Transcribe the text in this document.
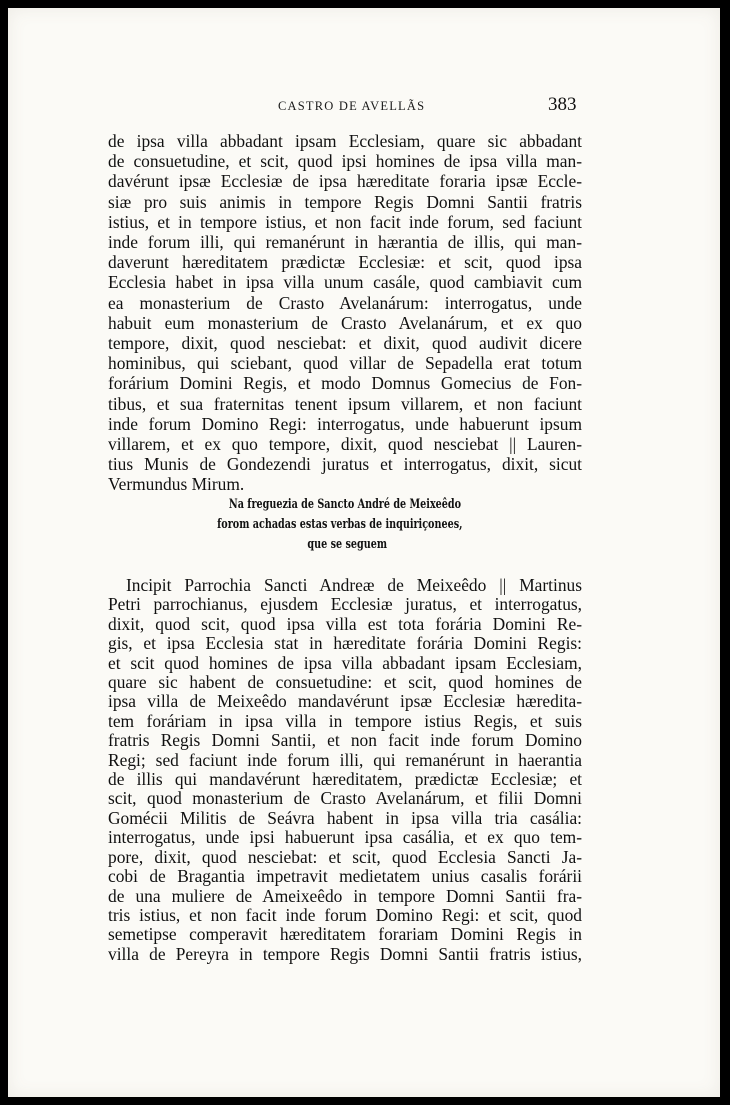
CASTRO DE AVELLÃS	383
de ipsa villa abbadant ipsam Ecclesiam, quare sic abbadant
de consuetudine, et scit, quod ipsi homines de ipsa villa man-
davérunt ipsæ Ecclesiæ de ipsa hæreditate foraria ipsæ Eccle-
siæ pro suis animis in tempore Regis Domni Santii fratris
istius, et in tempore istius, et non facit inde forum, sed faciunt
inde forum illi, qui remanérunt in hærantia de illis, qui man-
daverunt hæreditatem prædictæ Ecclesiæ: et scit, quod ipsa
Ecclesia habet in ipsa villa unum casále, quod cambiavit cum
ea monasterium de Crasto Avelanárum: interrogatus, unde
habuit eum monasterium de Crasto Avelanárum, et ex quo
tempore, dixit, quod nesciebat: et dixit, quod audivit dicere
hominibus, qui sciebant, quod villar de Sepadella erat totum
forárium Domini Regis, et modo Domnus Gomecius de Fon-
tibus, et sua fraternitas tenent ipsum villarem, et non faciunt
inde forum Domino Regi: interrogatus, unde habuerunt ipsum
villarem, et ex quo tempore, dixit, quod nesciebat || Lauren-
tius Munis de Gondezendi juratus et interrogatus, dixit, sicut
Vermundus Mirum.
Na freguezia de Sancto André de Meixeêdo
forom achadas estas verbas de inquiriçonees,
que se seguem
Incipit Parrochia Sancti Andreæ de Meixeêdo || Martinus
Petri parrochianus, ejusdem Ecclesiæ juratus, et interrogatus,
dixit, quod scit, quod ipsa villa est tota forária Domini Re-
gis, et ipsa Ecclesia stat in hæreditate forária Domini Regis:
et scit quod homines de ipsa villa abbadant ipsam Ecclesiam,
quare sic habent de consuetudine: et scit, quod homines de
ipsa villa de Meixeêdo mandavérunt ipsæ Ecclesiæ hæredita-
tem foráriam in ipsa villa in tempore istius Regis, et suis
fratris Regis Domni Santii, et non facit inde forum Domino
Regi; sed faciunt inde forum illi, qui remanérunt in haerantia
de illis qui mandavérunt hæreditatem, prædictæ Ecclesiæ; et
scit, quod monasterium de Crasto Avelanárum, et filii Domni
Gomécii Militis de Seávra habent in ipsa villa tria casália:
interrogatus, unde ipsi habuerunt ipsa casália, et ex quo tem-
pore, dixit, quod nesciebat: et scit, quod Ecclesia Sancti Ja-
cobi de Bragantia impetravit medietatem unius casalis forárii
de una muliere de Ameixeêdo in tempore Domni Santii fra-
tris istius, et non facit inde forum Domino Regi: et scit, quod
semetipse comperavit hæreditatem forariam Domini Regis in
villa de Pereyra in tempore Regis Domni Santii fratris istius,
